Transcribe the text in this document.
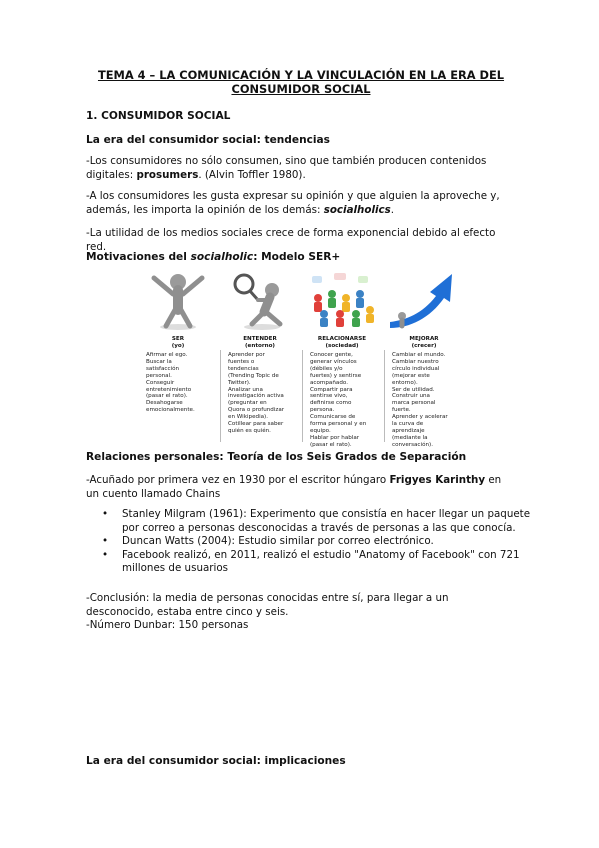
TEMA 4 – LA COMUNICACIÓN Y LA VINCULACIÓN EN LA ERA DEL CONSUMIDOR SOCIAL
1. CONSUMIDOR SOCIAL
La era del consumidor social: tendencias
-Los consumidores no sólo consumen, sino que también producen contenidos digitales: prosumers. (Alvin Toffler 1980).
-A los consumidores les gusta expresar su opinión y que alguien la aproveche y, además, les importa la opinión de los demás: socialholics.
-La utilidad de los medios sociales crece de forma exponencial debido al efecto red.
Motivaciones del socialholic: Modelo SER+
SER
(yo)
Afirmar el ego.
Buscar la
satisfacción
personal.
Conseguir
entretenimiento
(pasar el rato).
Desahogarse
emocionalmente.
ENTENDER
(entorno)
Aprender por
fuentes o
tendencias
(Trending Topic de
Twitter).
Analizar una
investigación activa
(preguntar en
Quora o profundizar
en Wikipedia).
Cotillear para saber
quién es quién.
RELACIONARSE
(sociedad)
Conocer gente,
generar vínculos
(débiles y/o
fuertes) y sentirse
acompañado.
Compartir para
sentirse vivo,
definirse como
persona.
Comunicarse de
forma personal y en
equipo.
Hablar por hablar
(pasar el rato).
MEJORAR
(crecer)
Cambiar el mundo.
Cambiar nuestro
círculo individual
(mejorar este
entorno).
Ser de utilidad.
Construir una
marca personal
fuerte.
Aprender y acelerar
la curva de
aprendizaje
(mediante la
conversación).
Relaciones personales: Teoría de los Seis Grados de Separación
-Acuñado por primera vez en 1930 por el escritor húngaro Frigyes Karinthy en un cuento llamado Chains
• Stanley Milgram (1961): Experimento que consistía en hacer llegar un paquete por correo a personas desconocidas a través de personas a las que conocía.
• Duncan Watts (2004): Estudio similar por correo electrónico.
• Facebook realizó, en 2011, realizó el estudio "Anatomy of Facebook" con 721 millones de usuarios
-Conclusión: la media de personas conocidas entre sí, para llegar a un desconocido, estaba entre cinco y seis.
-Número Dunbar: 150 personas
La era del consumidor social: implicaciones
